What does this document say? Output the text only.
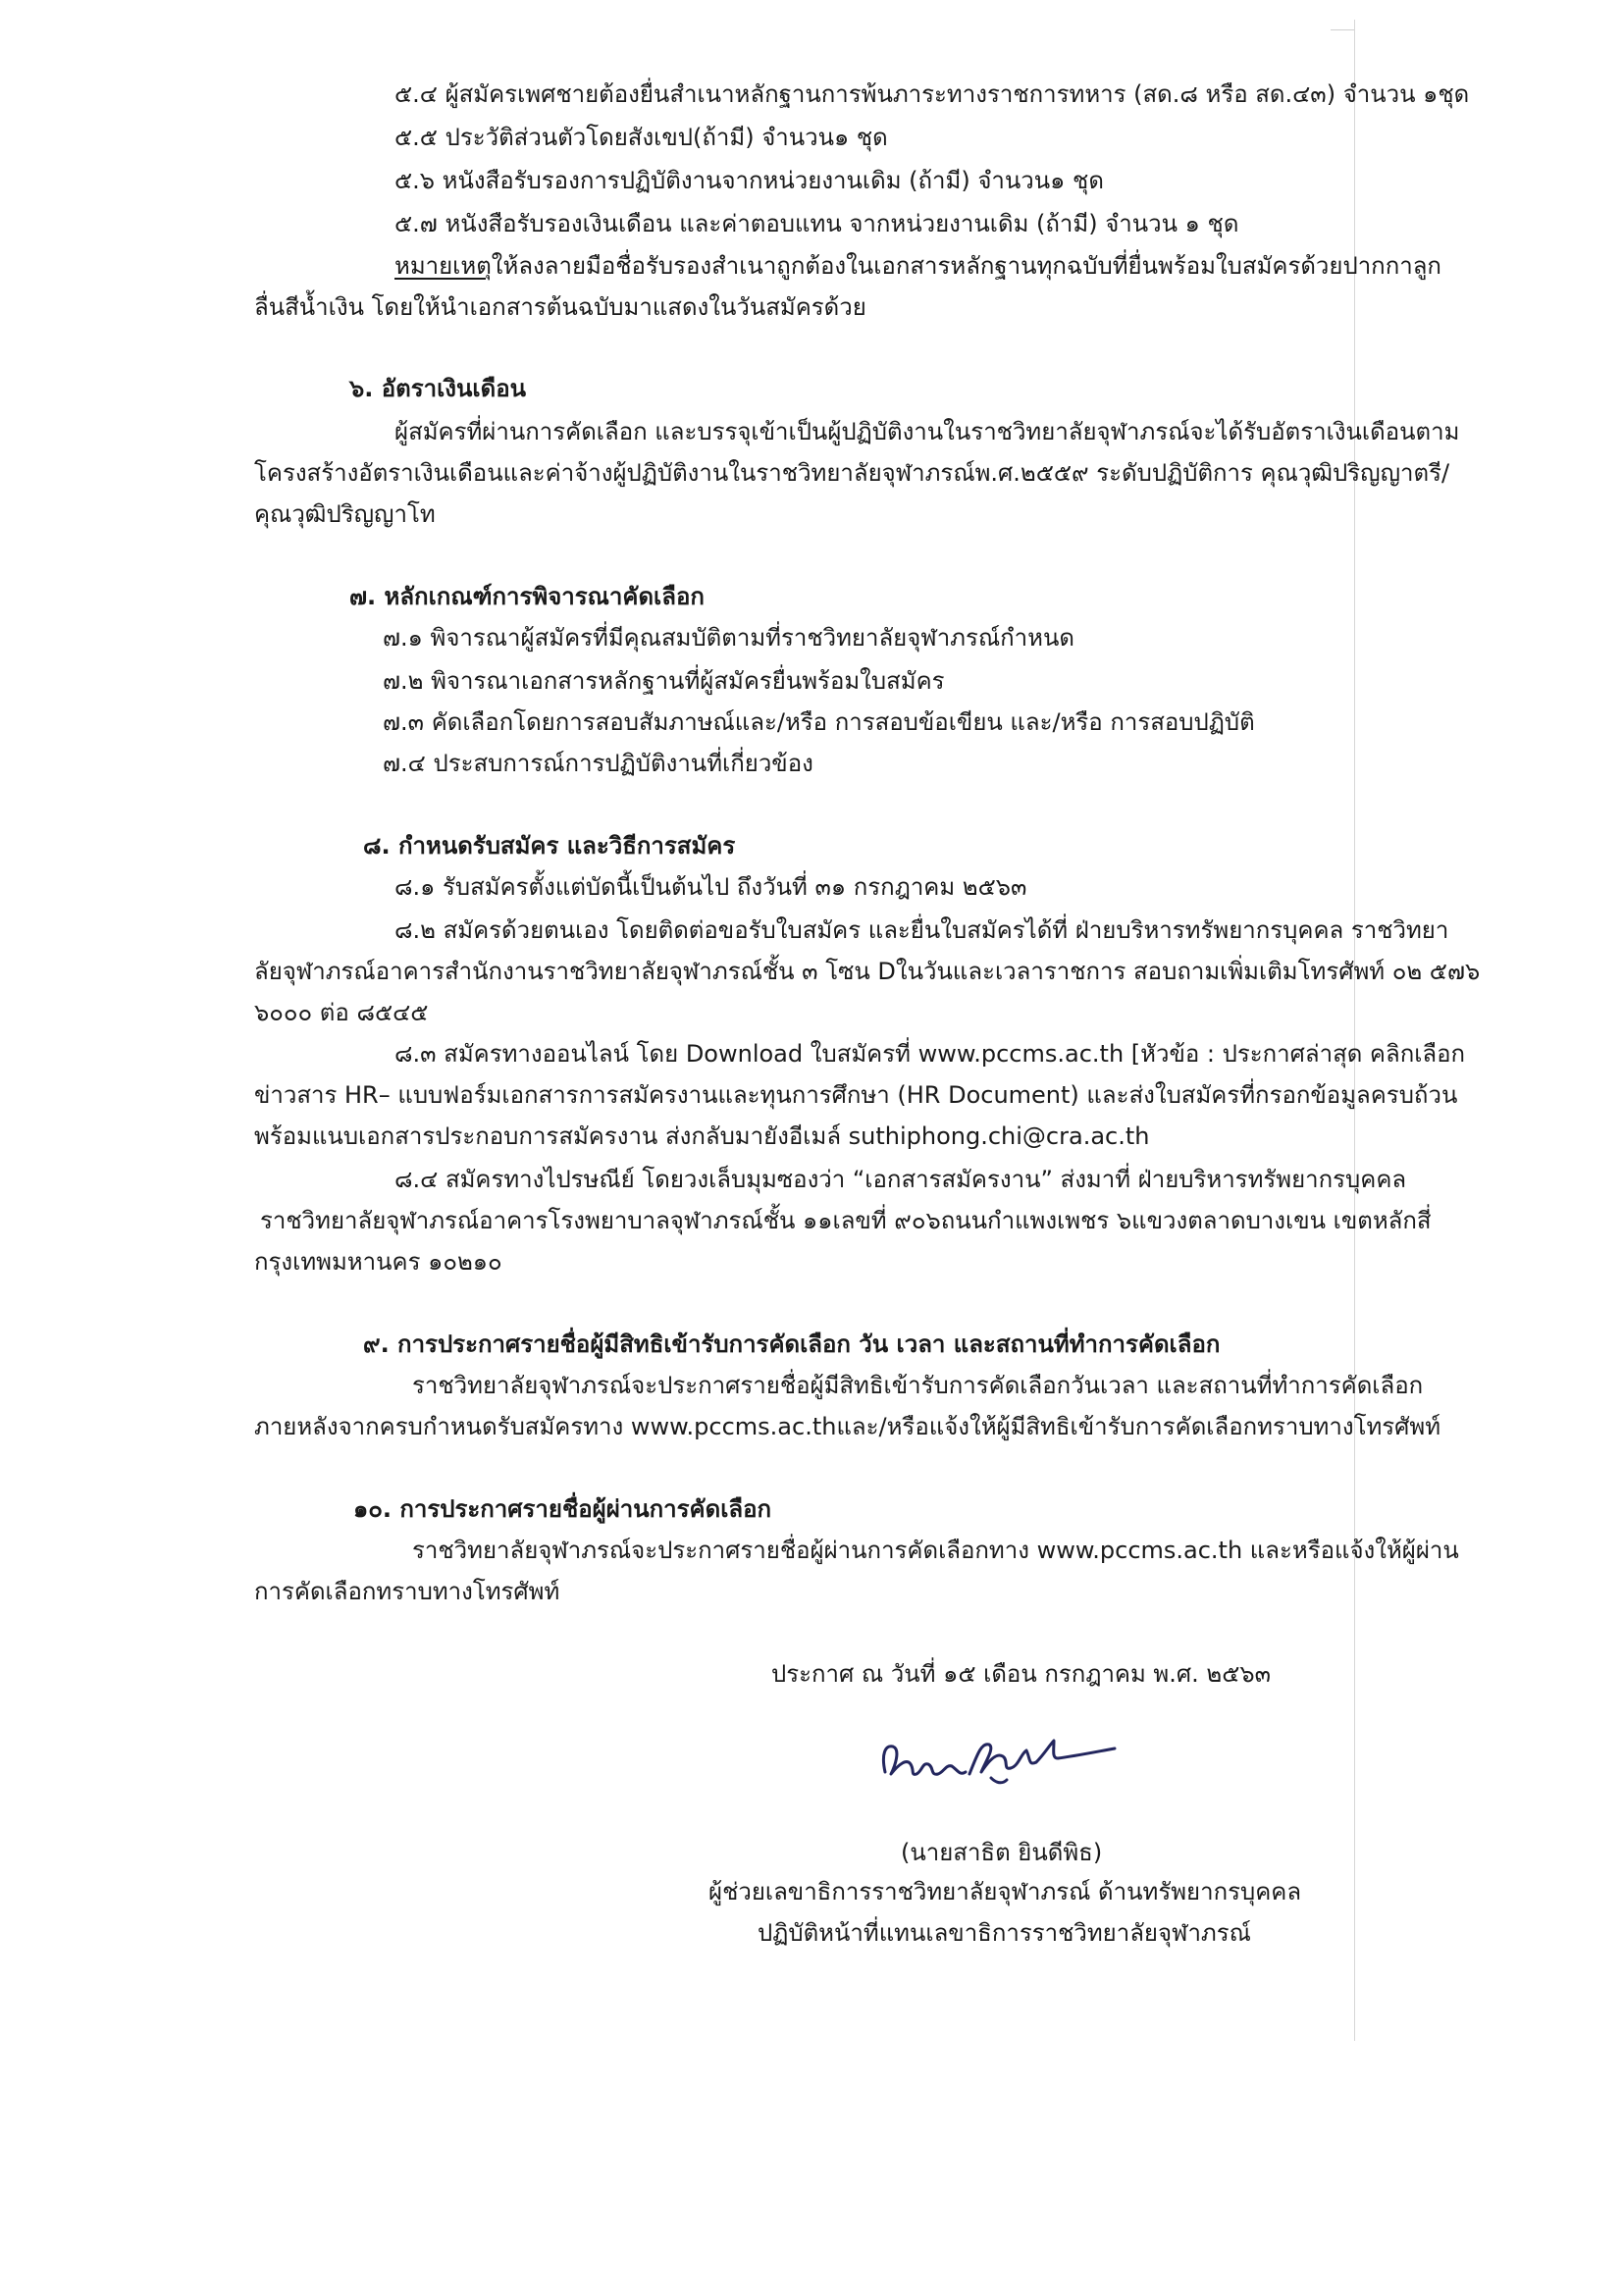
๕.๔ ผู้สมัครเพศชายต้องยื่นสำเนาหลักฐานการพ้นภาระทางราชการทหาร (สด.๘ หรือ สด.๔๓) จำนวน ๑ชุด

๕.๕ ประวัติส่วนตัวโดยสังเขป(ถ้ามี) จำนวน๑ ชุด

๕.๖ หนังสือรับรองการปฏิบัติงานจากหน่วยงานเดิม (ถ้ามี) จำนวน๑ ชุด

๕.๗ หนังสือรับรองเงินเดือน และค่าตอบแทน จากหน่วยงานเดิม (ถ้ามี) จำนวน ๑ ชุด

หมายเหตุให้ลงลายมือชื่อรับรองสำเนาถูกต้องในเอกสารหลักฐานทุกฉบับที่ยื่นพร้อมใบสมัครด้วยปากกาลูก

ลื่นสีน้ำเงิน โดยให้นำเอกสารต้นฉบับมาแสดงในวันสมัครด้วย

๖. อัตราเงินเดือน

ผู้สมัครที่ผ่านการคัดเลือก และบรรจุเข้าเป็นผู้ปฏิบัติงานในราชวิทยาลัยจุฬาภรณ์จะได้รับอัตราเงินเดือนตาม

โครงสร้างอัตราเงินเดือนและค่าจ้างผู้ปฏิบัติงานในราชวิทยาลัยจุฬาภรณ์พ.ศ.๒๕๕๙ ระดับปฏิบัติการ คุณวุฒิปริญญาตรี/

คุณวุฒิปริญญาโท

๗. หลักเกณฑ์การพิจารณาคัดเลือก

๗.๑ พิจารณาผู้สมัครที่มีคุณสมบัติตามที่ราชวิทยาลัยจุฬาภรณ์กำหนด

๗.๒ พิจารณาเอกสารหลักฐานที่ผู้สมัครยื่นพร้อมใบสมัคร

๗.๓ คัดเลือกโดยการสอบสัมภาษณ์และ/หรือ การสอบข้อเขียน และ/หรือ การสอบปฏิบัติ

๗.๔ ประสบการณ์การปฏิบัติงานที่เกี่ยวข้อง

๘. กำหนดรับสมัคร และวิธีการสมัคร

๘.๑ รับสมัครตั้งแต่บัดนี้เป็นต้นไป ถึงวันที่ ๓๑ กรกฎาคม ๒๕๖๓

๘.๒ สมัครด้วยตนเอง โดยติดต่อขอรับใบสมัคร และยื่นใบสมัครได้ที่ ฝ่ายบริหารทรัพยากรบุคคล ราชวิทยา

ลัยจุฬาภรณ์อาคารสำนักงานราชวิทยาลัยจุฬาภรณ์ชั้น ๓ โซน Dในวันและเวลาราชการ สอบถามเพิ่มเติมโทรศัพท์ ๐๒ ๕๗๖

๖๐๐๐ ต่อ ๘๕๔๕

๘.๓ สมัครทางออนไลน์ โดย Download ใบสมัครที่ www.pccms.ac.th [หัวข้อ : ประกาศล่าสุด คลิกเลือก

ข่าวสาร HR– แบบฟอร์มเอกสารการสมัครงานและทุนการศึกษา (HR Document) และส่งใบสมัครที่กรอกข้อมูลครบถ้วน

พร้อมแนบเอกสารประกอบการสมัครงาน ส่งกลับมายังอีเมล์ suthiphong.chi@cra.ac.th

๘.๔ สมัครทางไปรษณีย์ โดยวงเล็บมุมซองว่า “เอกสารสมัครงาน” ส่งมาที่ ฝ่ายบริหารทรัพยากรบุคคล

ราชวิทยาลัยจุฬาภรณ์อาคารโรงพยาบาลจุฬาภรณ์ชั้น ๑๑เลขที่ ๙๐๖ถนนกำแพงเพชร ๖แขวงตลาดบางเขน เขตหลักสี่

กรุงเทพมหานคร ๑๐๒๑๐

๙. การประกาศรายชื่อผู้มีสิทธิเข้ารับการคัดเลือก วัน เวลา และสถานที่ทำการคัดเลือก

ราชวิทยาลัยจุฬาภรณ์จะประกาศรายชื่อผู้มีสิทธิเข้ารับการคัดเลือกวันเวลา และสถานที่ทำการคัดเลือก

ภายหลังจากครบกำหนดรับสมัครทาง www.pccms.ac.thและ/หรือแจ้งให้ผู้มีสิทธิเข้ารับการคัดเลือกทราบทางโทรศัพท์

๑๐. การประกาศรายชื่อผู้ผ่านการคัดเลือก

ราชวิทยาลัยจุฬาภรณ์จะประกาศรายชื่อผู้ผ่านการคัดเลือกทาง www.pccms.ac.th และหรือแจ้งให้ผู้ผ่าน

การคัดเลือกทราบทางโทรศัพท์

ประกาศ ณ วันที่ ๑๕ เดือน กรกฎาคม พ.ศ. ๒๕๖๓

(นายสาธิต ยินดีพิธ)

ผู้ช่วยเลขาธิการราชวิทยาลัยจุฬาภรณ์ ด้านทรัพยากรบุคคล

ปฏิบัติหน้าที่แทนเลขาธิการราชวิทยาลัยจุฬาภรณ์
